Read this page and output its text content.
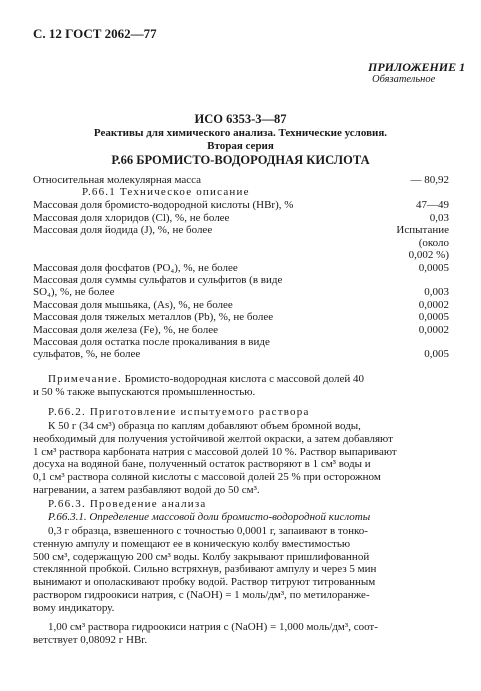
С. 12 ГОСТ 2062—77
ПРИЛОЖЕНИЕ 1
Обязательное
ИСО 6353-3—87
Реактивы для химического анализа. Технические условия.
Вторая серия
Р.66 БРОМИСТО-ВОДОРОДНАЯ КИСЛОТА
Относительная молекулярная масса	— 80,92
Р.66.1 Техническое описание
Массовая доля бромисто-водородной кислоты (HBr), %	47—49
Массовая доля хлоридов (Cl), %, не более	0,03
Массовая доля йодида (J), %, не более	Испытание
(около
0,002 %)
Массовая доля фосфатов (PO₄), %, не более	0,0005
Массовая доля суммы сульфатов и сульфитов (в виде
SO₄), %, не более	0,003
Массовая доля мышьяка, (As), %, не более	0,0002
Массовая доля тяжелых металлов (Pb), %, не более	0,0005
Массовая доля железа (Fe), %, не более	0,0002
Массовая доля остатка после прокаливания в виде
сульфатов, %, не более	0,005
Примечание. Бромисто-водородная кислота с массовой долей 40
и 50 % также выпускаются промышленностью.
Р.66.2. Приготовление испытуемого раствора
К 50 г (34 см³) образца по каплям добавляют объем бромной воды,
необходимый для получения устойчивой желтой окраски, а затем добавляют
1 см³ раствора карбоната натрия с массовой долей 10 %. Раствор выпаривают
досуха на водяной бане, полученный остаток растворяют в 1 см³ воды и
0,1 см³ раствора соляной кислоты с массовой долей 25 % при осторожном
нагревании, а затем разбавляют водой до 50 см³.
Р.66.3. Проведение анализа
Р.66.3.1. Определение массовой доли бромисто-водородной кислоты
0,3 г образца, взвешенного с точностью 0,0001 г, запаивают в тонко-
стенную ампулу и помещают ее в коническую колбу вместимостью
500 см³, содержащую 200 см³ воды. Колбу закрывают пришлифованной
стеклянной пробкой. Сильно встряхнув, разбивают ампулу и через 5 мин
вынимают и ополаскивают пробку водой. Раствор титруют титрованным
раствором гидроокиси натрия, с (NaOH) = 1 моль/дм³, по метилоранже-
вому индикатору.
1,00 см³ раствора гидроокиси натрия с (NaOH) = 1,000 моль/дм³, соот-
ветствует 0,08092 г HBr.
